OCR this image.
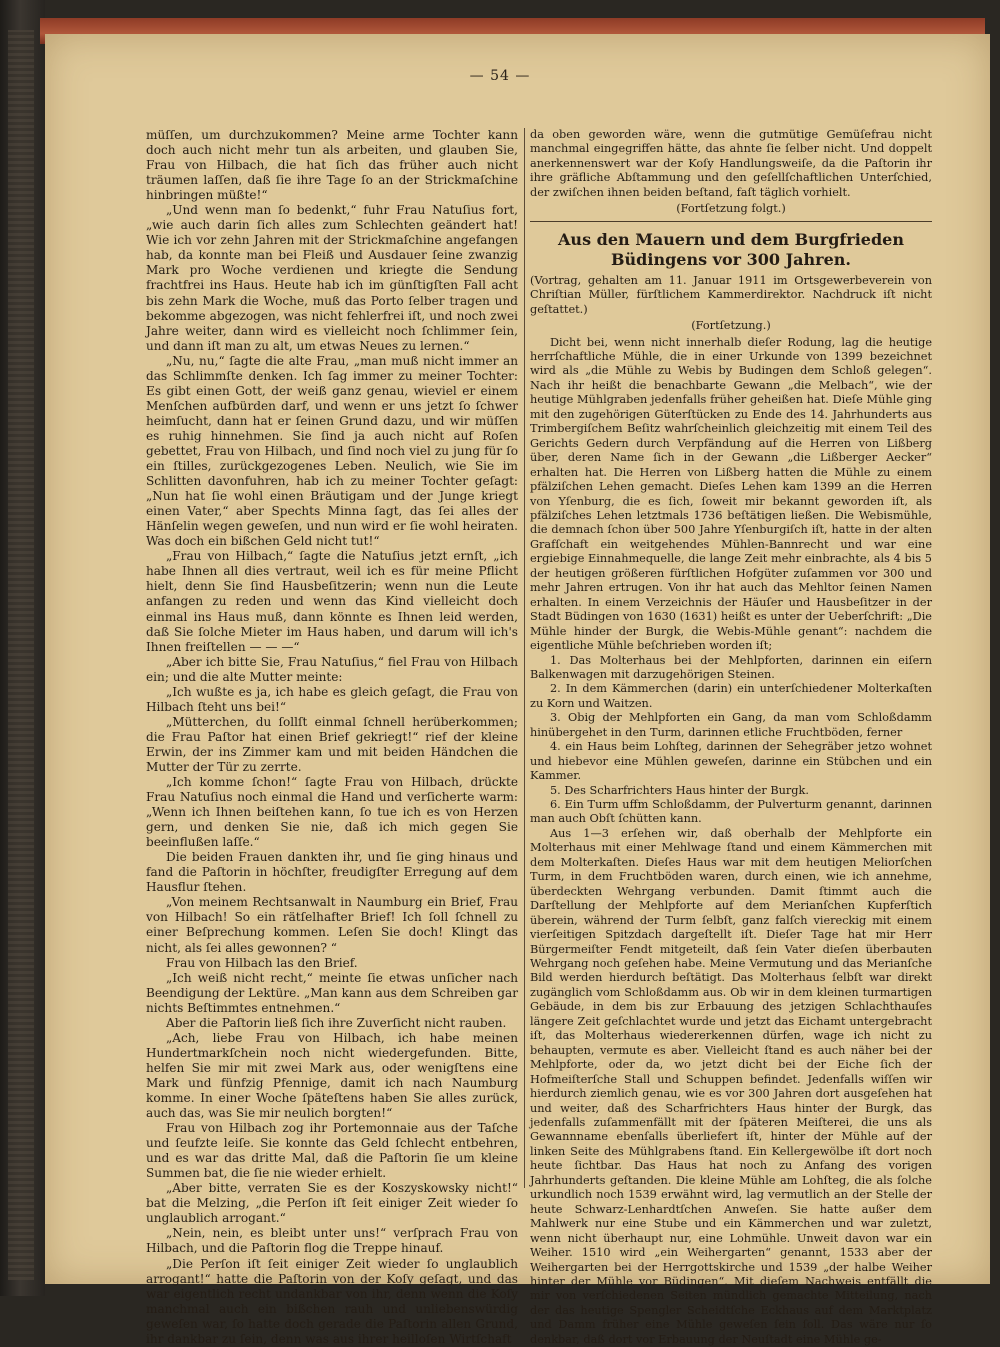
— 54 —

müſſen, um durchzukommen? Meine arme Tochter kann doch auch nicht mehr tun als arbeiten, und glauben Sie, Frau von Hilbach, die hat ſich das früher auch nicht träumen laſſen, daß ſie ihre Tage ſo an der Strickmaſchine hinbringen müßte!“

„Und wenn man ſo bedenkt,“ fuhr Frau Natuſius fort, „wie auch darin ſich alles zum Schlechten geändert hat! Wie ich vor zehn Jahren mit der Strickmaſchine angefangen hab, da konnte man bei Fleiß und Ausdauer ſeine zwanzig Mark pro Woche verdienen und kriegte die Sendung frachtfrei ins Haus. Heute hab ich im günſtigſten Fall acht bis zehn Mark die Woche, muß das Porto ſelber tragen und bekomme abgezogen, was nicht fehlerfrei iſt, und noch zwei Jahre weiter, dann wird es vielleicht noch ſchlimmer ſein, und dann iſt man zu alt, um etwas Neues zu lernen.“

„Nu, nu,“ ſagte die alte Frau, „man muß nicht immer an das Schlimmſte denken. Ich ſag immer zu meiner Tochter: Es gibt einen Gott, der weiß ganz genau, wieviel er einem Menſchen aufbürden darf, und wenn er uns jetzt ſo ſchwer heimſucht, dann hat er ſeinen Grund dazu, und wir müſſen es ruhig hinnehmen. Sie ſind ja auch nicht auf Roſen gebettet, Frau von Hilbach, und ſind noch viel zu jung für ſo ein ſtilles, zurückgezogenes Leben. Neulich, wie Sie im Schlitten davonfuhren, hab ich zu meiner Tochter geſagt: „Nun hat ſie wohl einen Bräutigam und der Junge kriegt einen Vater,“ aber Spechts Minna ſagt, das ſei alles der Hänſelin wegen geweſen, und nun wird er ſie wohl heiraten. Was doch ein bißchen Geld nicht tut!“

„Frau von Hilbach,“ ſagte die Natuſius jetzt ernſt, „ich habe Ihnen all dies vertraut, weil ich es für meine Pflicht hielt, denn Sie ſind Hausbeſitzerin; wenn nun die Leute anfangen zu reden und wenn das Kind vielleicht doch einmal ins Haus muß, dann könnte es Ihnen leid werden, daß Sie ſolche Mieter im Haus haben, und darum will ich's Ihnen freiſtellen — — —“

„Aber ich bitte Sie, Frau Natuſius,“ fiel Frau von Hilbach ein; und die alte Mutter meinte:

„Ich wußte es ja, ich habe es gleich geſagt, die Frau von Hilbach ſteht uns bei!“

„Mütterchen, du ſollſt einmal ſchnell herüberkommen; die Frau Paſtor hat einen Brief gekriegt!“ rief der kleine Erwin, der ins Zimmer kam und mit beiden Händchen die Mutter der Tür zu zerrte.

„Ich komme ſchon!“ ſagte Frau von Hilbach, drückte Frau Natuſius noch einmal die Hand und verſicherte warm: „Wenn ich Ihnen beiſtehen kann, ſo tue ich es von Herzen gern, und denken Sie nie, daß ich mich gegen Sie beeinflußen laſſe.“

Die beiden Frauen dankten ihr, und ſie ging hinaus und fand die Paſtorin in höchſter, freudigſter Erregung auf dem Hausflur ſtehen.

„Von meinem Rechtsanwalt in Naumburg ein Brief, Frau von Hilbach! So ein rätſelhafter Brief! Ich ſoll ſchnell zu einer Beſprechung kommen. Leſen Sie doch! Klingt das nicht, als ſei alles gewonnen? “

Frau von Hilbach las den Brief.

„Ich weiß nicht recht,“ meinte ſie etwas unſicher nach Beendigung der Lektüre. „Man kann aus dem Schreiben gar nichts Beſtimmtes entnehmen.“

Aber die Paſtorin ließ ſich ihre Zuverſicht nicht rauben.

„Ach, liebe Frau von Hilbach, ich habe meinen Hundertmarkſchein noch nicht wiedergefunden. Bitte, helfen Sie mir mit zwei Mark aus, oder wenigſtens eine Mark und fünfzig Pfennige, damit ich nach Naumburg komme. In einer Woche ſpäteſtens haben Sie alles zurück, auch das, was Sie mir neulich borgten!“

Frau von Hilbach zog ihr Portemonnaie aus der Taſche und ſeufzte leiſe. Sie konnte das Geld ſchlecht entbehren, und es war das dritte Mal, daß die Paſtorin ſie um kleine Summen bat, die ſie nie wieder erhielt.

„Aber bitte, verraten Sie es der Koszyskowsky nicht!“ bat die Melzing, „die Perſon iſt ſeit einiger Zeit wieder ſo unglaublich arrogant.“

„Nein, nein, es bleibt unter uns!“ verſprach Frau von Hilbach, und die Paſtorin flog die Treppe hinauf.

„Die Perſon iſt ſeit einiger Zeit wieder ſo unglaublich arrogant!“ hatte die Paſtorin von der Koſy geſagt, und das war eigentlich recht undankbar von ihr, denn wenn die Koſy manchmal auch ein bißchen rauh und unliebenswürdig geweſen war, ſo hatte doch gerade die Paſtorin allen Grund, ihr dankbar zu ſein, denn was aus ihrer heilloſen Wirtſchaft

da oben geworden wäre, wenn die gutmütige Gemüſefrau nicht manchmal eingegriffen hätte, das ahnte ſie ſelber nicht. Und doppelt anerkennenswert war der Koſy Handlungsweiſe, da die Paſtorin ihr ihre gräfliche Abſtammung und den geſellſchaftlichen Unterſchied, der zwiſchen ihnen beiden beſtand, faſt täglich vorhielt.

(Fortſetzung folgt.)

Aus den Mauern und dem Burgfrieden Büdingens vor 300 Jahren.

(Vortrag, gehalten am 11. Januar 1911 im Ortsgewerbeverein von Chriſtian Müller, fürſtlichem Kammerdirektor. Nachdruck iſt nicht geſtattet.)

(Fortſetzung.)

Dicht bei, wenn nicht innerhalb dieſer Rodung, lag die heutige herrſchaftliche Mühle, die in einer Urkunde von 1399 bezeichnet wird als „die Mühle zu Webis by Budingen dem Schloß gelegen“. Nach ihr heißt die benachbarte Gewann „die Melbach“, wie der heutige Mühlgraben jedenfalls früher geheißen hat. Dieſe Mühle ging mit den zugehörigen Güterſtücken zu Ende des 14. Jahrhunderts aus Trimbergiſchem Beſitz wahrſcheinlich gleichzeitig mit einem Teil des Gerichts Gedern durch Verpfändung auf die Herren von Lißberg über, deren Name ſich in der Gewann „die Lißberger Aecker“ erhalten hat. Die Herren von Lißberg hatten die Mühle zu einem pfälziſchen Lehen gemacht. Dieſes Lehen kam 1399 an die Herren von Yſenburg, die es ſich, ſoweit mir bekannt geworden iſt, als pfälziſches Lehen letztmals 1736 beſtätigen ließen. Die Webismühle, die demnach ſchon über 500 Jahre Yſenburgiſch iſt, hatte in der alten Grafſchaft ein weitgehendes Mühlen-Bannrecht und war eine ergiebige Einnahmequelle, die lange Zeit mehr einbrachte, als 4 bis 5 der heutigen größeren fürſtlichen Hofgüter zuſammen vor 300 und mehr Jahren ertrugen. Von ihr hat auch das Mehltor ſeinen Namen erhalten. In einem Verzeichnis der Häuſer und Hausbeſitzer in der Stadt Büdingen von 1630 (1631) heißt es unter der Ueberſchrift: „Die Mühle hinder der Burgk, die Webis-Mühle genant“: nachdem die eigentliche Mühle beſchrieben worden iſt;

1. Das Molterhaus bei der Mehlpforten, darinnen ein eiſern Balkenwagen mit darzugehörigen Steinen.

2. In dem Kämmerchen (darin) ein unterſchiedener Molterkaſten zu Korn und Waitzen.

3. Obig der Mehlpforten ein Gang, da man vom Schloßdamm hinübergehet in den Turm, darinnen etliche Fruchtböden, ferner

4. ein Haus beim Lohſteg, darinnen der Sehegräber jetzo wohnet und hiebevor eine Mühlen geweſen, darinne ein Stübchen und ein Kammer.

5. Des Scharfrichters Haus hinter der Burgk.

6. Ein Turm uffm Schloßdamm, der Pulverturm genannt, darinnen man auch Obſt ſchütten kann.

Aus 1—3 erſehen wir, daß oberhalb der Mehlpforte ein Molterhaus mit einer Mehlwage ſtand und einem Kämmerchen mit dem Molterkaſten. Dieſes Haus war mit dem heutigen Meliorſchen Turm, in dem Fruchtböden waren, durch einen, wie ich annehme, überdeckten Wehrgang verbunden. Damit ſtimmt auch die Darſtellung der Mehlpforte auf dem Merianſchen Kupferſtich überein, während der Turm ſelbſt, ganz falſch viereckig mit einem vierſeitigen Spitzdach dargeſtellt iſt. Dieſer Tage hat mir Herr Bürgermeiſter Fendt mitgeteilt, daß ſein Vater dieſen überbauten Wehrgang noch geſehen habe. Meine Vermutung und das Merianſche Bild werden hierdurch beſtätigt. Das Molterhaus ſelbſt war direkt zugänglich vom Schloßdamm aus. Ob wir in dem kleinen turmartigen Gebäude, in dem bis zur Erbauung des jetzigen Schlachthauſes längere Zeit geſchlachtet wurde und jetzt das Eichamt untergebracht iſt, das Molterhaus wiedererkennen dürfen, wage ich nicht zu behaupten, vermute es aber. Vielleicht ſtand es auch näher bei der Mehlpforte, oder da, wo jetzt dicht bei der Eiche ſich der Hofmeiſterſche Stall und Schuppen befindet. Jedenfalls wiſſen wir hierdurch ziemlich genau, wie es vor 300 Jahren dort ausgeſehen hat und weiter, daß des Scharfrichters Haus hinter der Burgk, das jedenfalls zuſammenfällt mit der ſpäteren Meiſterei, die uns als Gewannname ebenſalls überliefert iſt, hinter der Mühle auf der linken Seite des Mühlgrabens ſtand. Ein Kellergewölbe iſt dort noch heute ſichtbar. Das Haus hat noch zu Anfang des vorigen Jahrhunderts geſtanden. Die kleine Mühle am Lohſteg, die als ſolche urkundlich noch 1539 erwähnt wird, lag vermutlich an der Stelle der heute Schwarz-Lenhardtſchen Anweſen. Sie hatte außer dem Mahlwerk nur eine Stube und ein Kämmerchen und war zuletzt, wenn nicht überhaupt nur, eine Lohmühle. Unweit davon war ein Weiher. 1510 wird „ein Weihergarten“ genannt, 1533 aber der Weihergarten bei der Herrgottskirche und 1539 „der halbe Weiher hinter der Mühle vor Büdingen“. Mit dieſem Nachweis entfällt die mir von verſchiedenen Seiten mündlich gemachte Mitteilung, nach der das heutige Spengler Scheidtſche Eckhaus auf dem Marktplatz und Damm früher eine Mühle geweſen ſein ſoll. Das wäre nur ſo denkbar, daß dort vor Erbauung der Neuſtadt eine Mühle ge-
